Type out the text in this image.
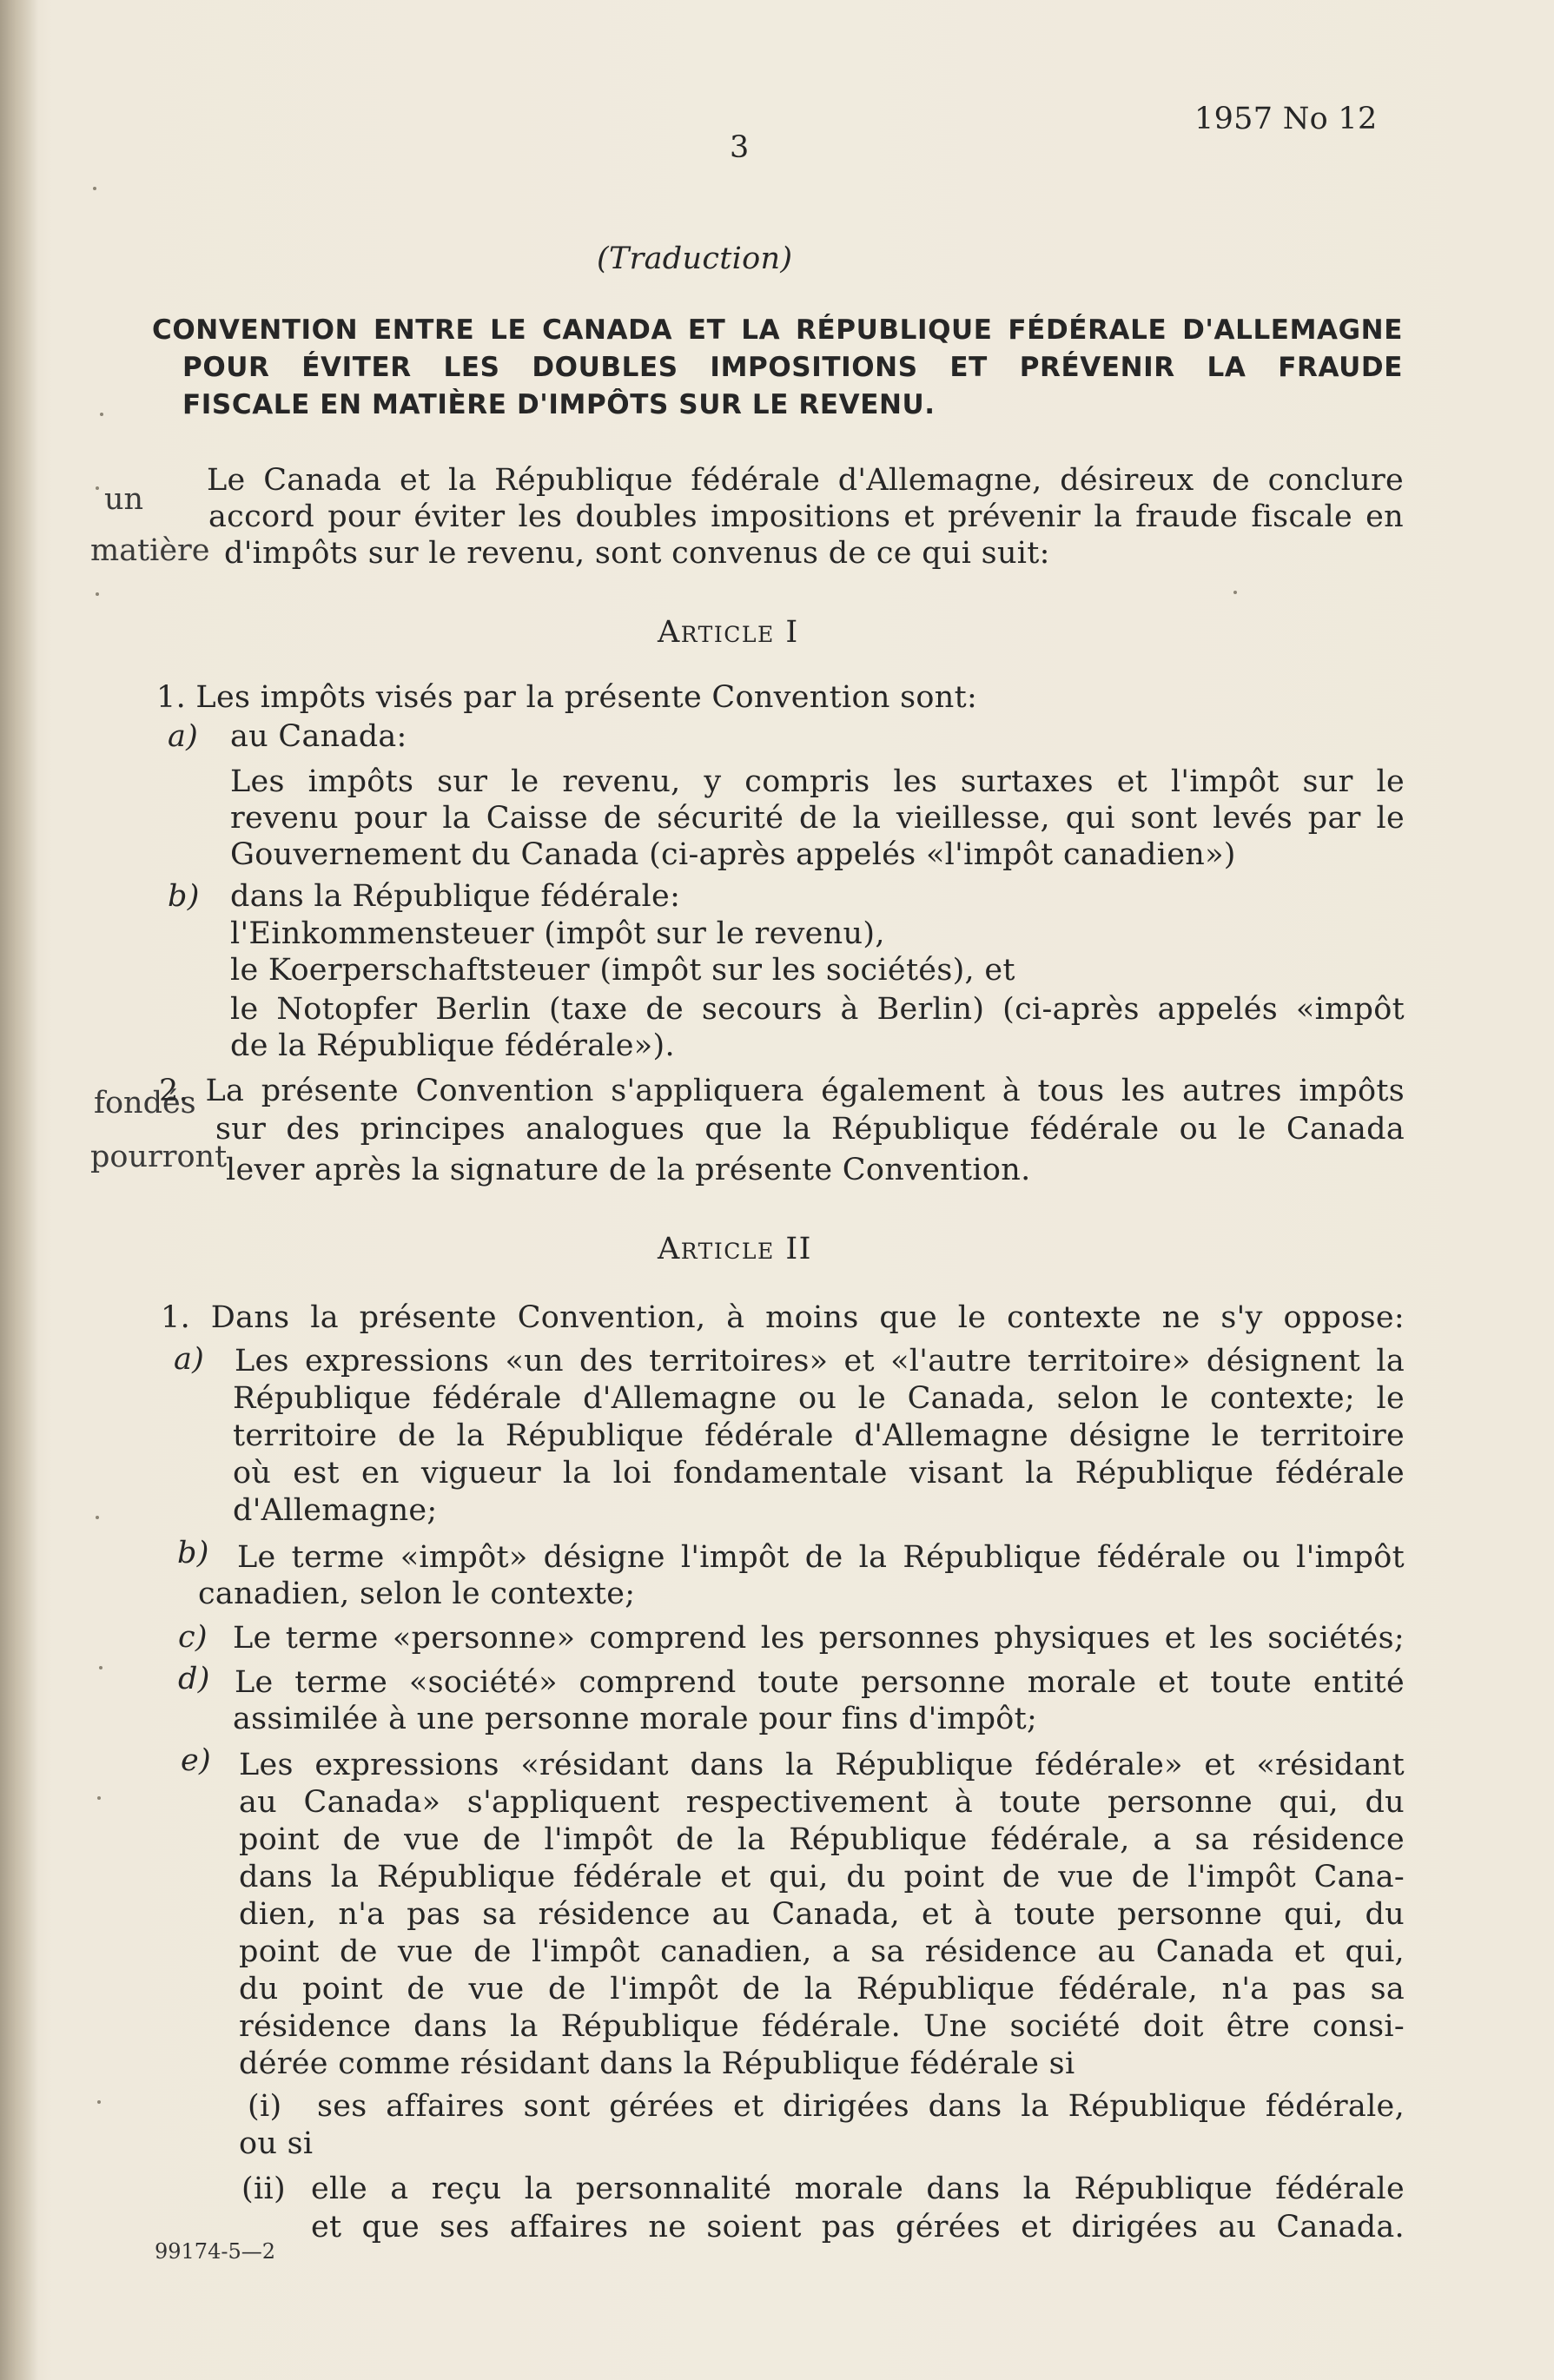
3
1957 No 12
(Traduction)
CONVENTION ENTRE LE CANADA ET LA RÉPUBLIQUE FÉDÉRALE D'ALLEMAGNE
POUR ÉVITER LES DOUBLES IMPOSITIONS ET PRÉVENIR LA FRAUDE
FISCALE EN MATIÈRE D'IMPÔTS SUR LE REVENU.
Le Canada et la République fédérale d'Allemagne, désireux de conclure
un accord pour éviter les doubles impositions et prévenir la fraude fiscale en
matière d'impôts sur le revenu, sont convenus de ce qui suit:
Article I
1. Les impôts visés par la présente Convention sont:
a) au Canada:
Les impôts sur le revenu, y compris les surtaxes et l'impôt sur le
revenu pour la Caisse de sécurité de la vieillesse, qui sont levés par le
Gouvernement du Canada (ci-après appelés «l'impôt canadien»)
b) dans la République fédérale:
l'Einkommensteuer (impôt sur le revenu),
le Koerperschaftsteuer (impôt sur les sociétés), et
le Notopfer Berlin (taxe de secours à Berlin) (ci-après appelés «impôt
de la République fédérale»).
fondés
2. La présente Convention s'appliquera également à tous les autres impôts
sur des principes analogues que la République fédérale ou le Canada
pourront
lever après la signature de la présente Convention.
Article II
1. Dans la présente Convention, à moins que le contexte ne s'y oppose:
a) Les expressions «un des territoires» et «l'autre territoire» désignent la
République fédérale d'Allemagne ou le Canada, selon le contexte; le
territoire de la République fédérale d'Allemagne désigne le territoire
où est en vigueur la loi fondamentale visant la République fédérale
d'Allemagne;
b) Le terme «impôt» désigne l'impôt de la République fédérale ou l'impôt
canadien, selon le contexte;
c) Le terme «personne» comprend les personnes physiques et les sociétés;
d) Le terme «société» comprend toute personne morale et toute entité
assimilée à une personne morale pour fins d'impôt;
e) Les expressions «résidant dans la République fédérale» et «résidant
au Canada» s'appliquent respectivement à toute personne qui, du
point de vue de l'impôt de la République fédérale, a sa résidence
dans la République fédérale et qui, du point de vue de l'impôt Cana-
dien, n'a pas sa résidence au Canada, et à toute personne qui, du
point de vue de l'impôt canadien, a sa résidence au Canada et qui,
du point de vue de l'impôt de la République fédérale, n'a pas sa
résidence dans la République fédérale. Une société doit être consi-
dérée comme résidant dans la République fédérale si
(i) ses affaires sont gérées et dirigées dans la République fédérale,
ou si
(ii) elle a reçu la personnalité morale dans la République fédérale
et que ses affaires ne soient pas gérées et dirigées au Canada.
99174-5—2
